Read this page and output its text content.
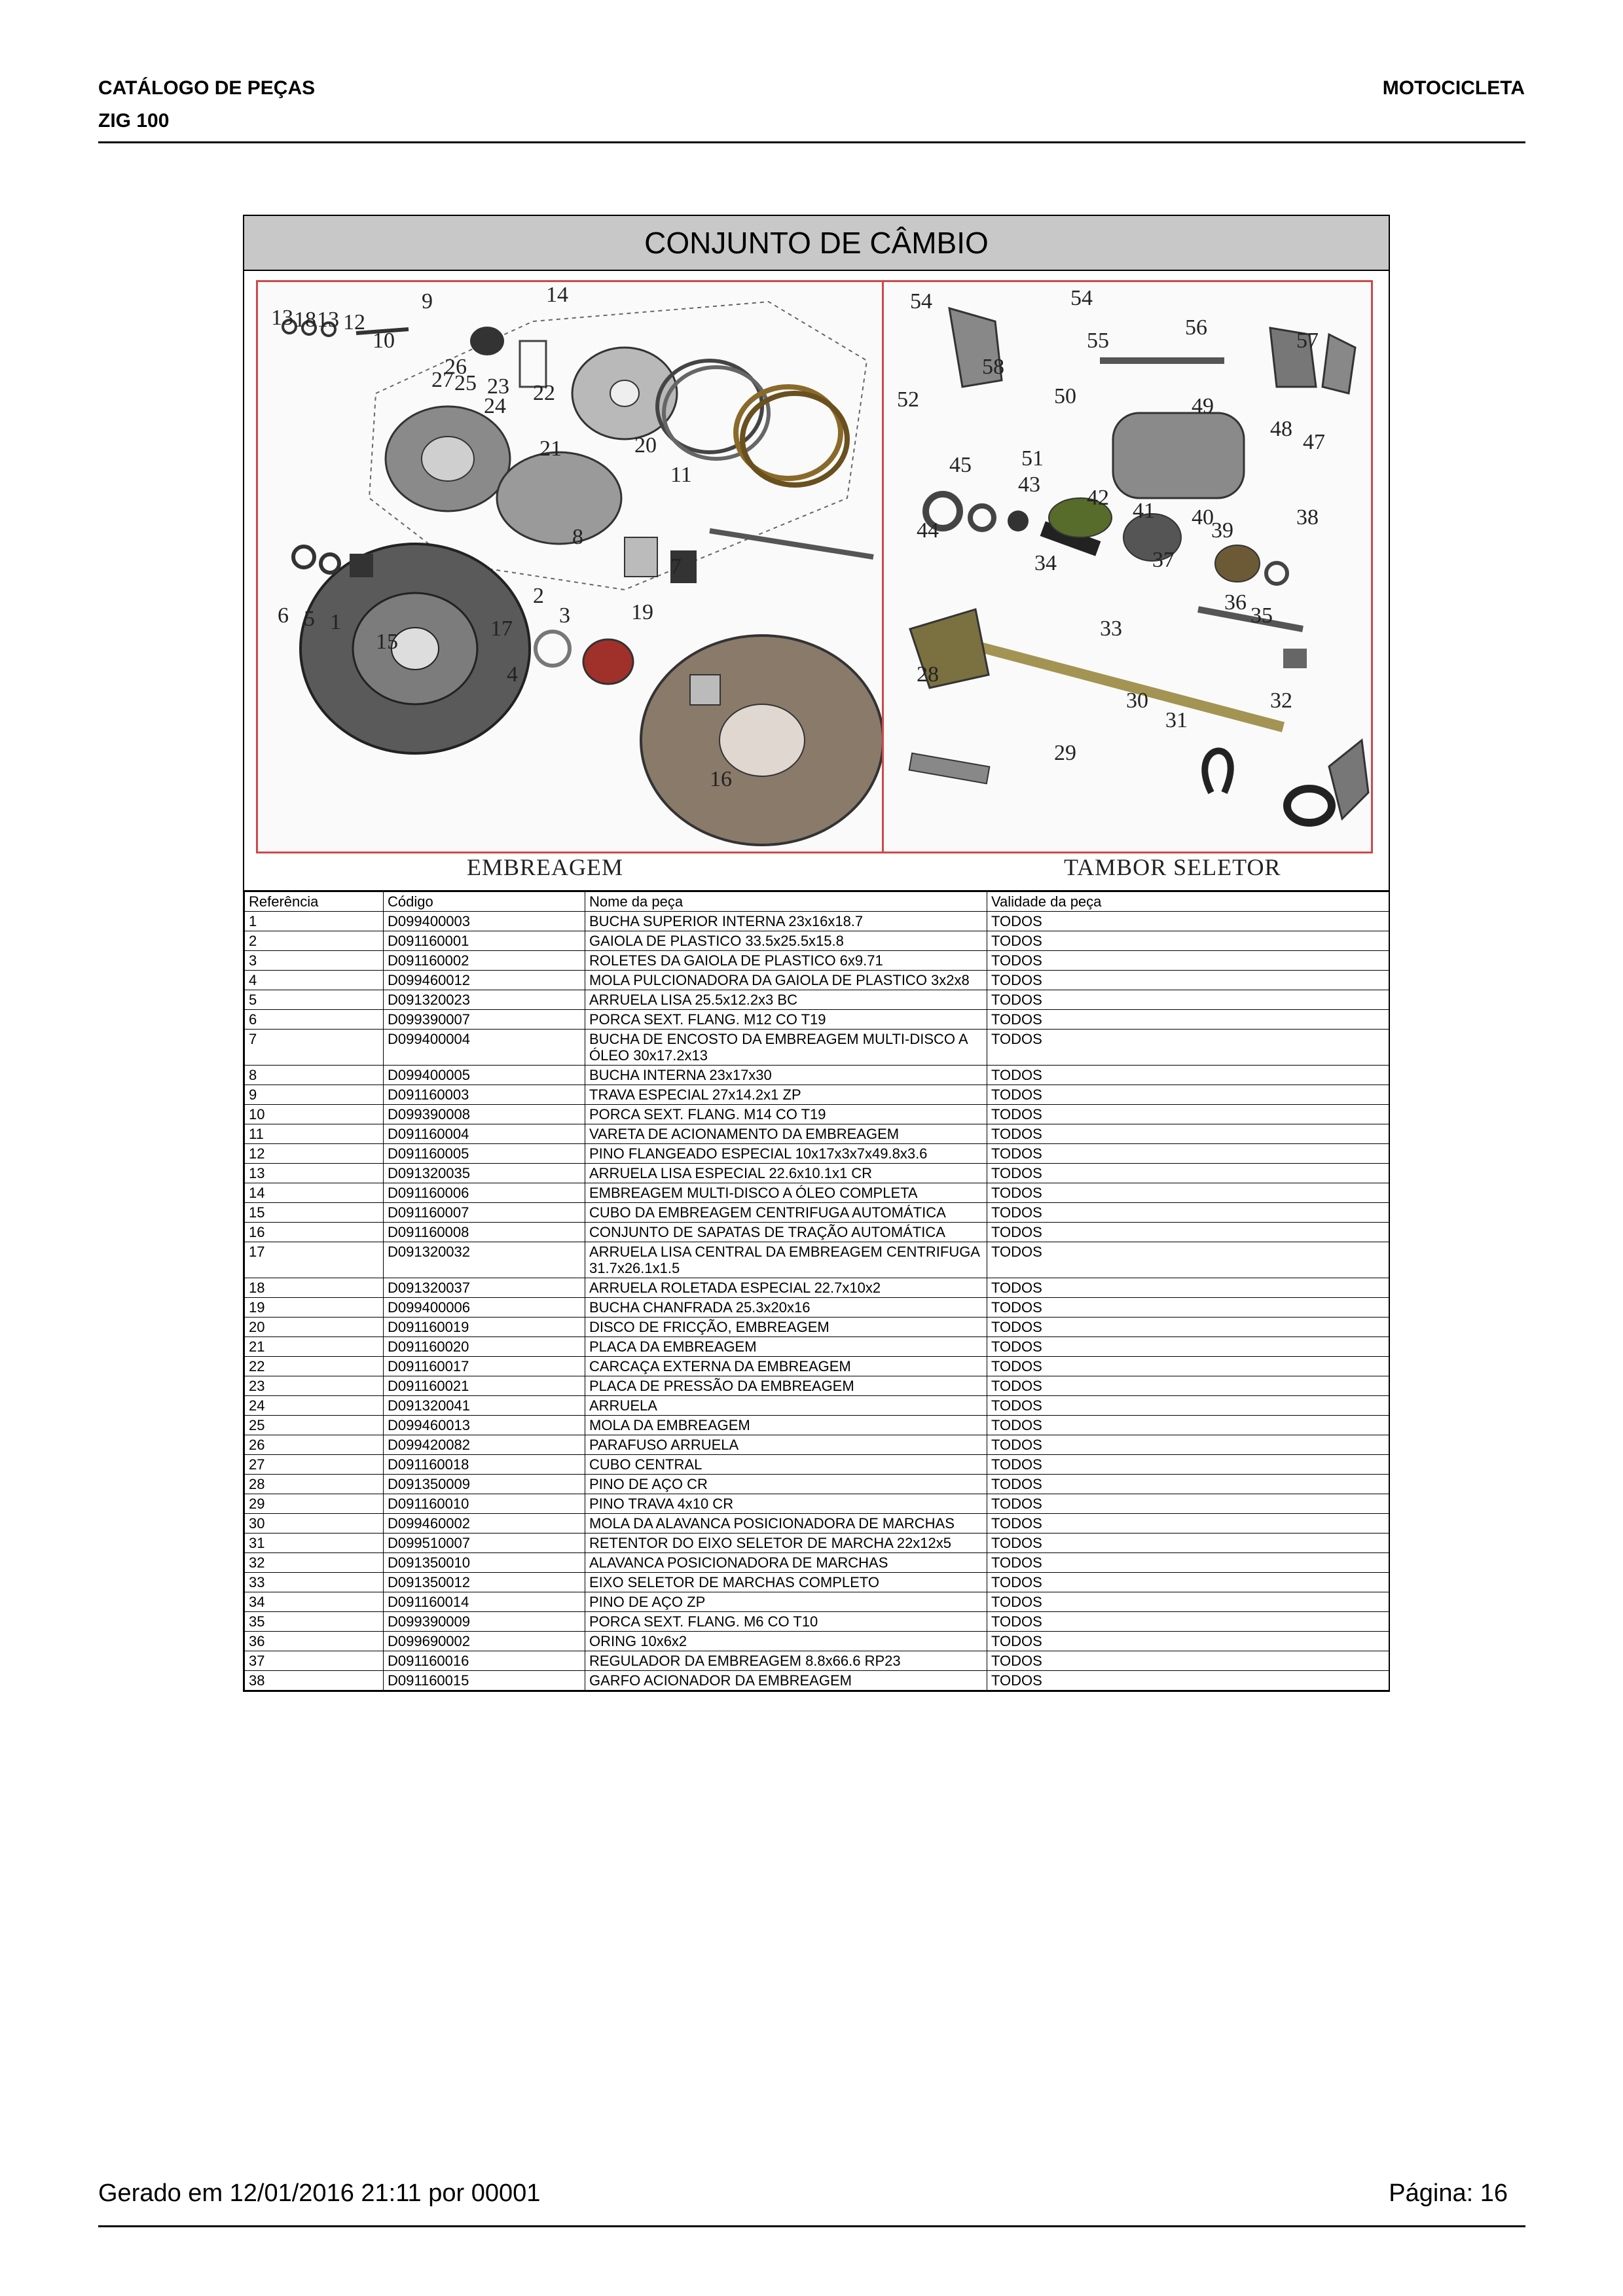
CATÁLOGO DE PEÇAS
ZIG 100
MOTOCICLETA
CONJUNTO DE CÂMBIO
13 18 13 12
9
10
14
26
27 25 23 22
24
21	20
11
6 5 1
8
7
2
3	19
17
4
15
16
54	54
55
56
57
58
52	50	49
48
47
45 51
43
42
41 40
39
38
44
34	37
36
35
33
28
30
31
32
29
EMBREAGEM	TAMBOR SELETOR
Referência	Código	Nome da peça	Validade da peça
1	D099400003	BUCHA SUPERIOR INTERNA 23x16x18.7	TODOS
2	D091160001	GAIOLA DE PLASTICO 33.5x25.5x15.8	TODOS
3	D091160002	ROLETES DA GAIOLA DE PLASTICO 6x9.71	TODOS
4	D099460012	MOLA PULCIONADORA DA GAIOLA DE PLASTICO 3x2x8	TODOS
5	D091320023	ARRUELA LISA 25.5x12.2x3 BC	TODOS
6	D099390007	PORCA SEXT. FLANG. M12 CO T19	TODOS
7	D099400004	BUCHA DE ENCOSTO DA EMBREAGEM MULTI-DISCO A ÓLEO 30x17.2x13	TODOS
8	D099400005	BUCHA INTERNA 23x17x30	TODOS
9	D091160003	TRAVA ESPECIAL 27x14.2x1 ZP	TODOS
10	D099390008	PORCA SEXT. FLANG. M14 CO T19	TODOS
11	D091160004	VARETA DE ACIONAMENTO DA EMBREAGEM	TODOS
12	D091160005	PINO FLANGEADO ESPECIAL 10x17x3x7x49.8x3.6	TODOS
13	D091320035	ARRUELA LISA ESPECIAL 22.6x10.1x1 CR	TODOS
14	D091160006	EMBREAGEM MULTI-DISCO A ÓLEO COMPLETA	TODOS
15	D091160007	CUBO DA EMBREAGEM CENTRIFUGA AUTOMÁTICA	TODOS
16	D091160008	CONJUNTO DE SAPATAS DE TRAÇÃO AUTOMÁTICA	TODOS
17	D091320032	ARRUELA LISA CENTRAL DA EMBREAGEM CENTRIFUGA 31.7x26.1x1.5	TODOS
18	D091320037	ARRUELA ROLETADA ESPECIAL 22.7x10x2	TODOS
19	D099400006	BUCHA CHANFRADA 25.3x20x16	TODOS
20	D091160019	DISCO DE FRICÇÃO, EMBREAGEM	TODOS
21	D091160020	PLACA DA EMBREAGEM	TODOS
22	D091160017	CARCAÇA EXTERNA DA EMBREAGEM	TODOS
23	D091160021	PLACA DE PRESSÃO DA EMBREAGEM	TODOS
24	D091320041	ARRUELA	TODOS
25	D099460013	MOLA DA EMBREAGEM	TODOS
26	D099420082	PARAFUSO ARRUELA	TODOS
27	D091160018	CUBO CENTRAL	TODOS
28	D091350009	PINO DE AÇO CR	TODOS
29	D091160010	PINO TRAVA 4x10 CR	TODOS
30	D099460002	MOLA DA ALAVANCA POSICIONADORA DE MARCHAS	TODOS
31	D099510007	RETENTOR DO EIXO SELETOR DE MARCHA 22x12x5	TODOS
32	D091350010	ALAVANCA POSICIONADORA DE MARCHAS	TODOS
33	D091350012	EIXO SELETOR DE MARCHAS COMPLETO	TODOS
34	D091160014	PINO DE AÇO ZP	TODOS
35	D099390009	PORCA SEXT. FLANG. M6 CO T10	TODOS
36	D099690002	ORING 10x6x2	TODOS
37	D091160016	REGULADOR DA EMBREAGEM 8.8x66.6 RP23	TODOS
38	D091160015	GARFO ACIONADOR DA EMBREAGEM	TODOS
Gerado em 12/01/2016 21:11 por 00001	Página: 16
